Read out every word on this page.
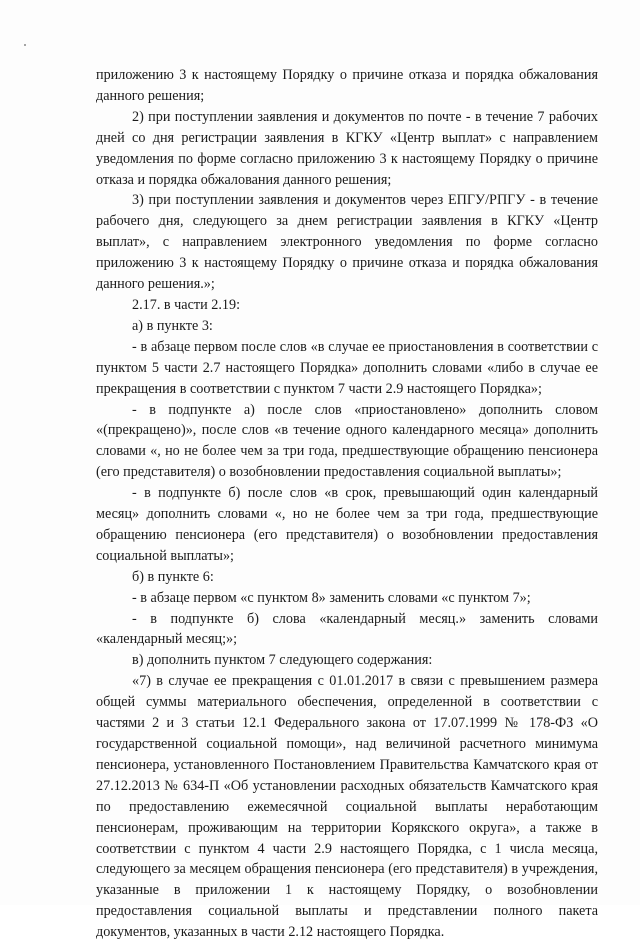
приложению 3 к настоящему Порядку о причине отказа и порядка обжалования данного решения;

2) при поступлении заявления и документов по почте - в течение 7 рабочих дней со дня регистрации заявления в КГКУ «Центр выплат» с направлением уведомления по форме согласно приложению 3 к настоящему Порядку о причине отказа и порядка обжалования данного решения;

3) при поступлении заявления и документов через ЕПГУ/РПГУ - в течение рабочего дня, следующего за днем регистрации заявления в КГКУ «Центр выплат», с направлением электронного уведомления по форме согласно приложению 3 к настоящему Порядку о причине отказа и порядка обжалования данного решения.»;

2.17. в части 2.19:

а) в пункте 3:

- в абзаце первом после слов «в случае ее приостановления в соответствии с пунктом 5 части 2.7 настоящего Порядка» дополнить словами «либо в случае ее прекращения в соответствии с пунктом 7 части 2.9 настоящего Порядка»;

- в подпункте а) после слов «приостановлено» дополнить словом «(прекращено)», после слов «в течение одного календарного месяца» дополнить словами «, но не более чем за три года, предшествующие обращению пенсионера (его представителя) о возобновлении предоставления социальной выплаты»;

- в подпункте б) после слов «в срок, превышающий один календарный месяц» дополнить словами «, но не более чем за три года, предшествующие обращению пенсионера (его представителя) о возобновлении предоставления социальной выплаты»;

б) в пункте 6:

- в абзаце первом «с пунктом 8» заменить словами «с пунктом 7»;

- в подпункте б) слова «календарный месяц.» заменить словами «календарный месяц;»;

в) дополнить пунктом 7 следующего содержания:

«7) в случае ее прекращения с 01.01.2017 в связи с превышением размера общей суммы материального обеспечения, определенной в соответствии с частями 2 и 3 статьи 12.1 Федерального закона от 17.07.1999 № 178-ФЗ «О государственной социальной помощи», над величиной расчетного минимума пенсионера, установленного Постановлением Правительства Камчатского края от 27.12.2013 № 634-П «Об установлении расходных обязательств Камчатского края по предоставлению ежемесячной социальной выплаты неработающим пенсионерам, проживающим на территории Корякского округа», а также в соответствии с пунктом 4 части 2.9 настоящего Порядка, с 1 числа месяца, следующего за месяцем обращения пенсионера (его представителя) в учреждения, указанные в приложении 1 к настоящему Порядку, о возобновлении предоставления социальной выплаты и представлении полного пакета документов, указанных в части 2.12 настоящего Порядка.
